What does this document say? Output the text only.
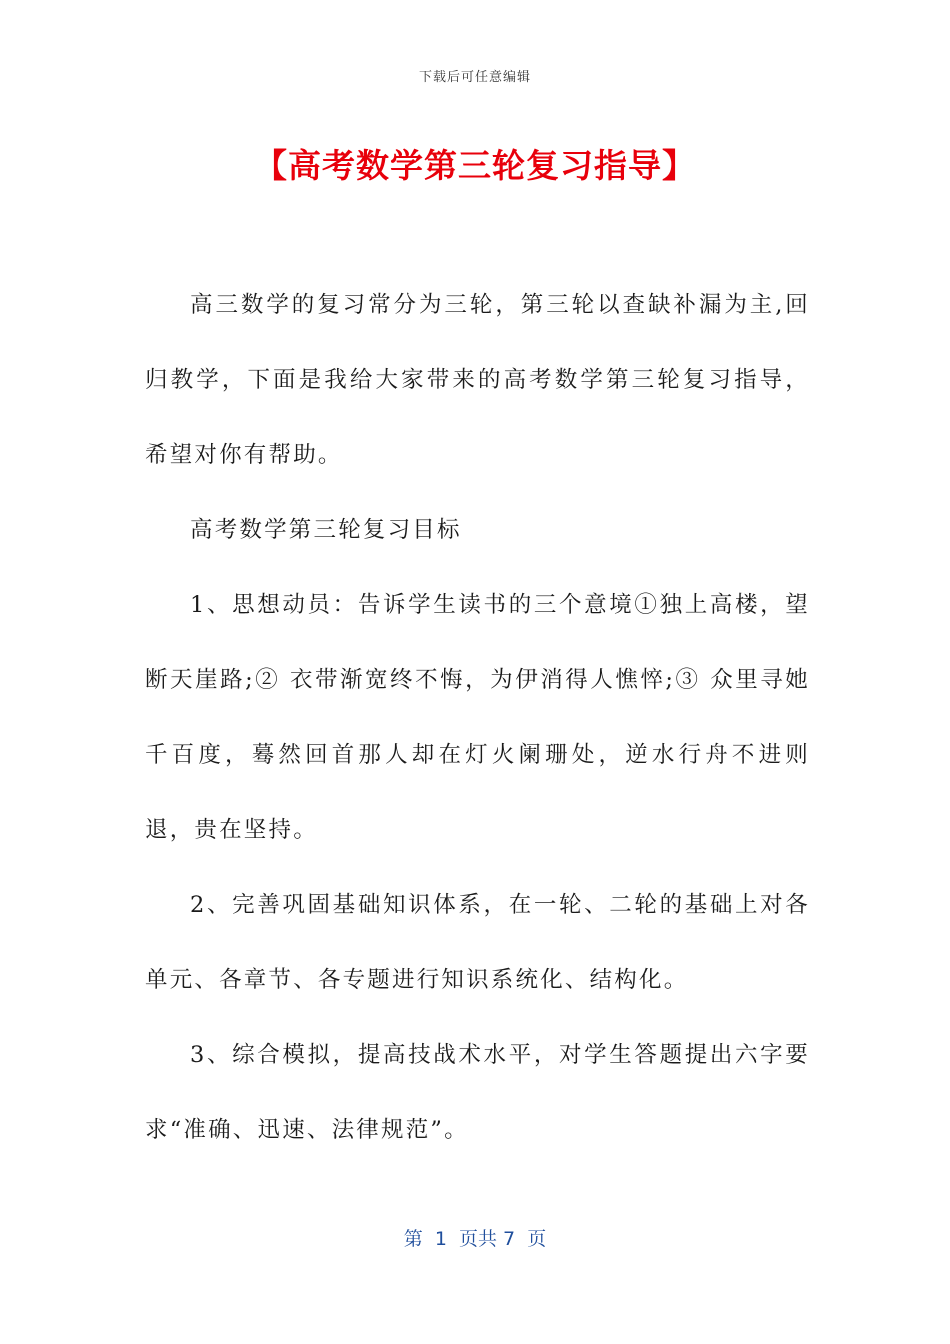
下载后可任意编辑
【高考数学第三轮复习指导】

高三数学的复习常分为三轮，第三轮以查缺补漏为主,回归教学，下面是我给大家带来的高考数学第三轮复习指导，希望对你有帮助。

高考数学第三轮复习目标

1、思想动员：告诉学生读书的三个意境①独上高楼，望断天崖路;② 衣带渐宽终不悔，为伊消得人憔悴;③ 众里寻她千百度，蓦然回首那人却在灯火阑珊处，逆水行舟不进则退，贵在坚持。

2、完善巩固基础知识体系，在一轮、二轮的基础上对各单元、各章节、各专题进行知识系统化、结构化。

3、综合模拟，提高技战术水平，对学生答题提出六字要求“准确、迅速、法律规范”。

第  1  页共 7  页
